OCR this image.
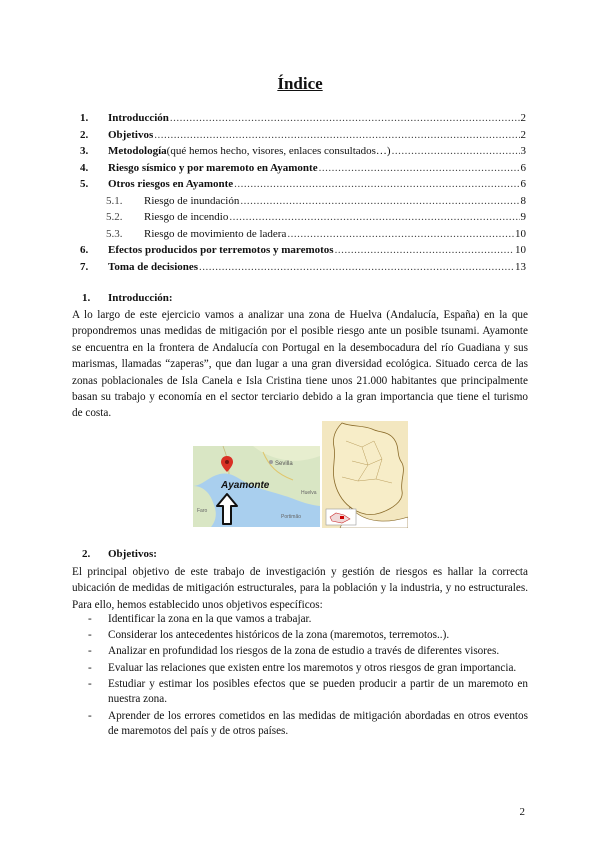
Índice
1.	Introducción .....	2
2.	Objetivos .....	2
3.	Metodología (qué hemos hecho, visores, enlaces consultados…) .....	3
4.	Riesgo sísmico y por maremoto en Ayamonte .....	6
5.	Otros riesgos en Ayamonte .....	6
5.1.	Riesgo de inundación .....	8
5.2.	Riesgo de incendio .....	9
5.3.	Riesgo de movimiento de ladera .....	10
6.	Efectos producidos por terremotos y maremotos .....	10
7.	Toma de decisiones .....	13
1. Introducción:
A lo largo de este ejercicio vamos a analizar una zona de Huelva (Andalucía, España) en la que propondremos unas medidas de mitigación por el posible riesgo ante un posible tsunami. Ayamonte se encuentra en la frontera de Andalucía con Portugal en la desembocadura del río Guadiana y sus marismas, llamadas “zaperas”, que dan lugar a una gran diversidad ecológica. Situado cerca de las zonas poblacionales de Isla Canela e Isla Cristina tiene unos 21.000 habitantes que principalmente basan su trabajo y economía en el sector terciario debido a la gran importancia que tiene el turismo de costa.
Sevilla
Huelva
Faro
Portimão
Ayamonte
2. Objetivos:
El principal objetivo de este trabajo de investigación y gestión de riesgos es hallar la correcta ubicación de medidas de mitigación estructurales, para la población y la industria, y no estructurales. Para ello, hemos establecido unos objetivos específicos:
- Identificar la zona en la que vamos a trabajar.
- Considerar los antecedentes históricos de la zona (maremotos, terremotos..).
- Analizar en profundidad los riesgos de la zona de estudio a través de diferentes visores.
- Evaluar las relaciones que existen entre los maremotos y otros riesgos de gran importancia.
- Estudiar y estimar los posibles efectos que se pueden producir a partir de un maremoto en nuestra zona.
- Aprender de los errores cometidos en las medidas de mitigación abordadas en otros eventos de maremotos del país y de otros países.
2
